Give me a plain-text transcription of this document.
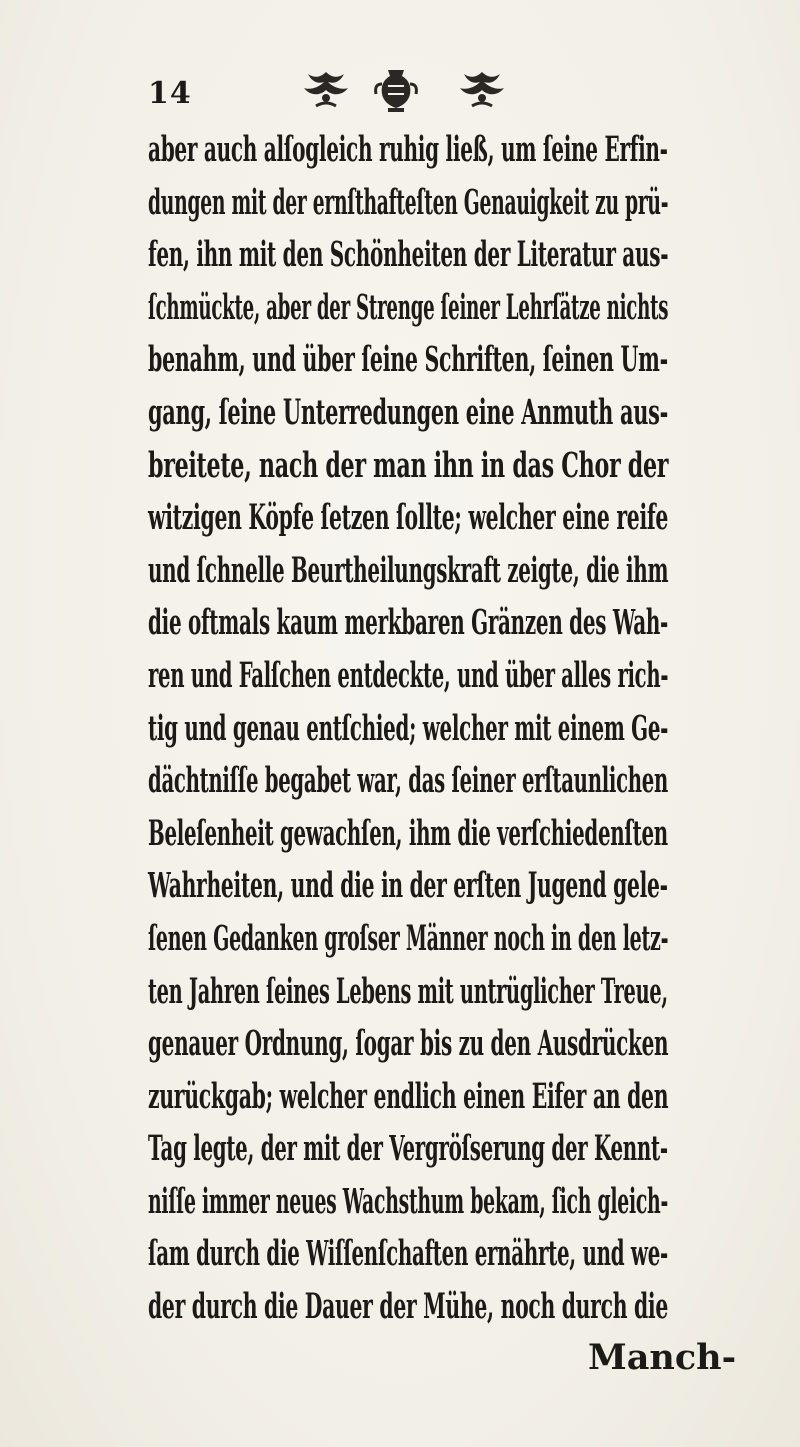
14
aber auch alſogleich ruhig ließ, um ſeine Erfin-
dungen mit der ernſthafteſten Genauigkeit zu prü-
fen, ihn mit den Schönheiten der Literatur aus-
ſchmückte, aber der Strenge ſeiner Lehrſätze nichts
benahm, und über ſeine Schriften, ſeinen Um-
gang, ſeine Unterredungen eine Anmuth aus-
breitete, nach der man ihn in das Chor der
witzigen Köpfe ſetzen ſollte; welcher eine reife
und ſchnelle Beurtheilungskraft zeigte, die ihm
die oftmals kaum merkbaren Gränzen des Wah-
ren und Falſchen entdeckte, und über alles rich-
tig und genau entſchied; welcher mit einem Ge-
dächtniſſe begabet war, das ſeiner erſtaunlichen
Beleſenheit gewachſen, ihm die verſchiedenſten
Wahrheiten, und die in der erſten Jugend gele-
ſenen Gedanken groſser Männer noch in den letz-
ten Jahren ſeines Lebens mit untrüglicher Treue,
genauer Ordnung, ſogar bis zu den Ausdrücken
zurückgab; welcher endlich einen Eifer an den
Tag legte, der mit der Vergröſserung der Kennt-
niſſe immer neues Wachsthum bekam, ſich gleich-
ſam durch die Wiſſenſchaften ernährte, und we-
der durch die Dauer der Mühe, noch durch die
Manch-
